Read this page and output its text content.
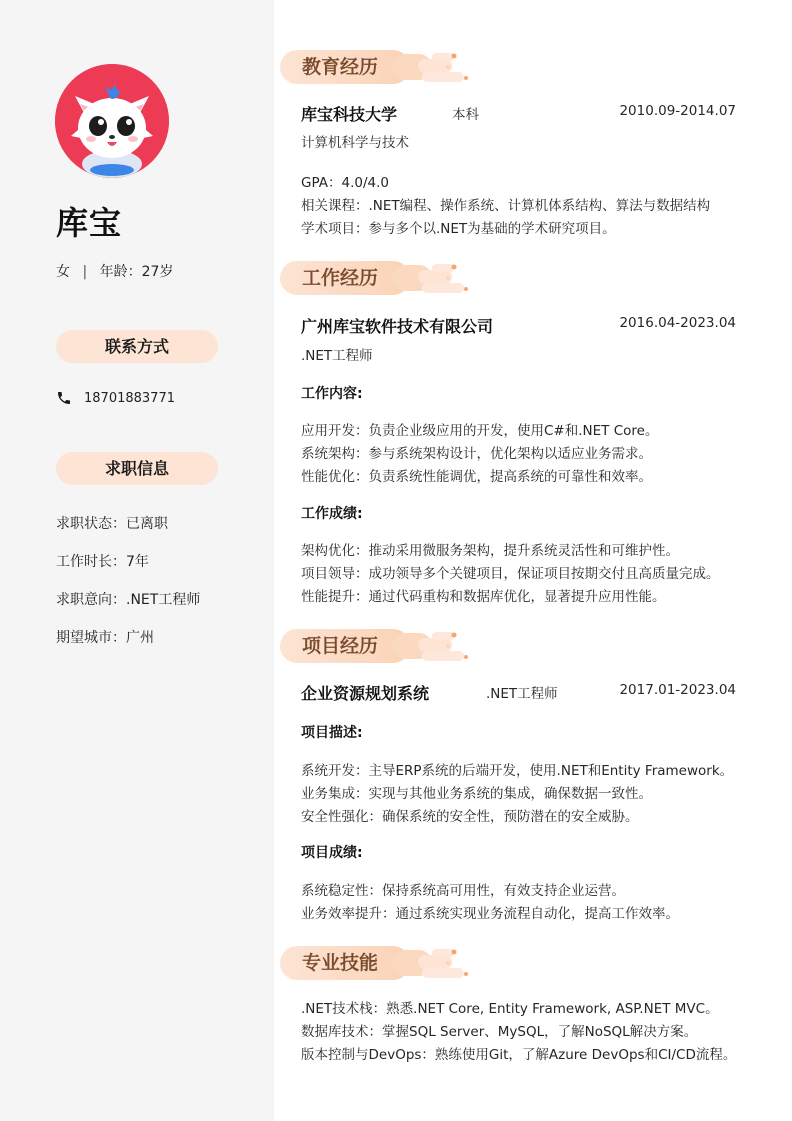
库宝
女 | 年龄：27岁
联系方式
18701883771
求职信息
求职状态：已离职
工作时长：7年
求职意向：.NET工程师
期望城市：广州
教育经历
库宝科技大学	本科	2010.09-2014.07
计算机科学与技术
GPA：4.0/4.0
相关课程：.NET编程、操作系统、计算机体系结构、算法与数据结构
学术项目：参与多个以.NET为基础的学术研究项目。
工作经历
广州库宝软件技术有限公司	2016.04-2023.04
.NET工程师
工作内容:
应用开发：负责企业级应用的开发，使用C#和.NET Core。
系统架构：参与系统架构设计，优化架构以适应业务需求。
性能优化：负责系统性能调优，提高系统的可靠性和效率。
工作成绩:
架构优化：推动采用微服务架构，提升系统灵活性和可维护性。
项目领导：成功领导多个关键项目，保证项目按期交付且高质量完成。
性能提升：通过代码重构和数据库优化，显著提升应用性能。
项目经历
企业资源规划系统	.NET工程师	2017.01-2023.04
项目描述:
系统开发：主导ERP系统的后端开发，使用.NET和Entity Framework。
业务集成：实现与其他业务系统的集成，确保数据一致性。
安全性强化：确保系统的安全性，预防潜在的安全威胁。
项目成绩:
系统稳定性：保持系统高可用性，有效支持企业运营。
业务效率提升：通过系统实现业务流程自动化，提高工作效率。
专业技能
.NET技术栈：熟悉.NET Core, Entity Framework, ASP.NET MVC。
数据库技术：掌握SQL Server、MySQL，了解NoSQL解决方案。
版本控制与DevOps：熟练使用Git，了解Azure DevOps和CI/CD流程。
